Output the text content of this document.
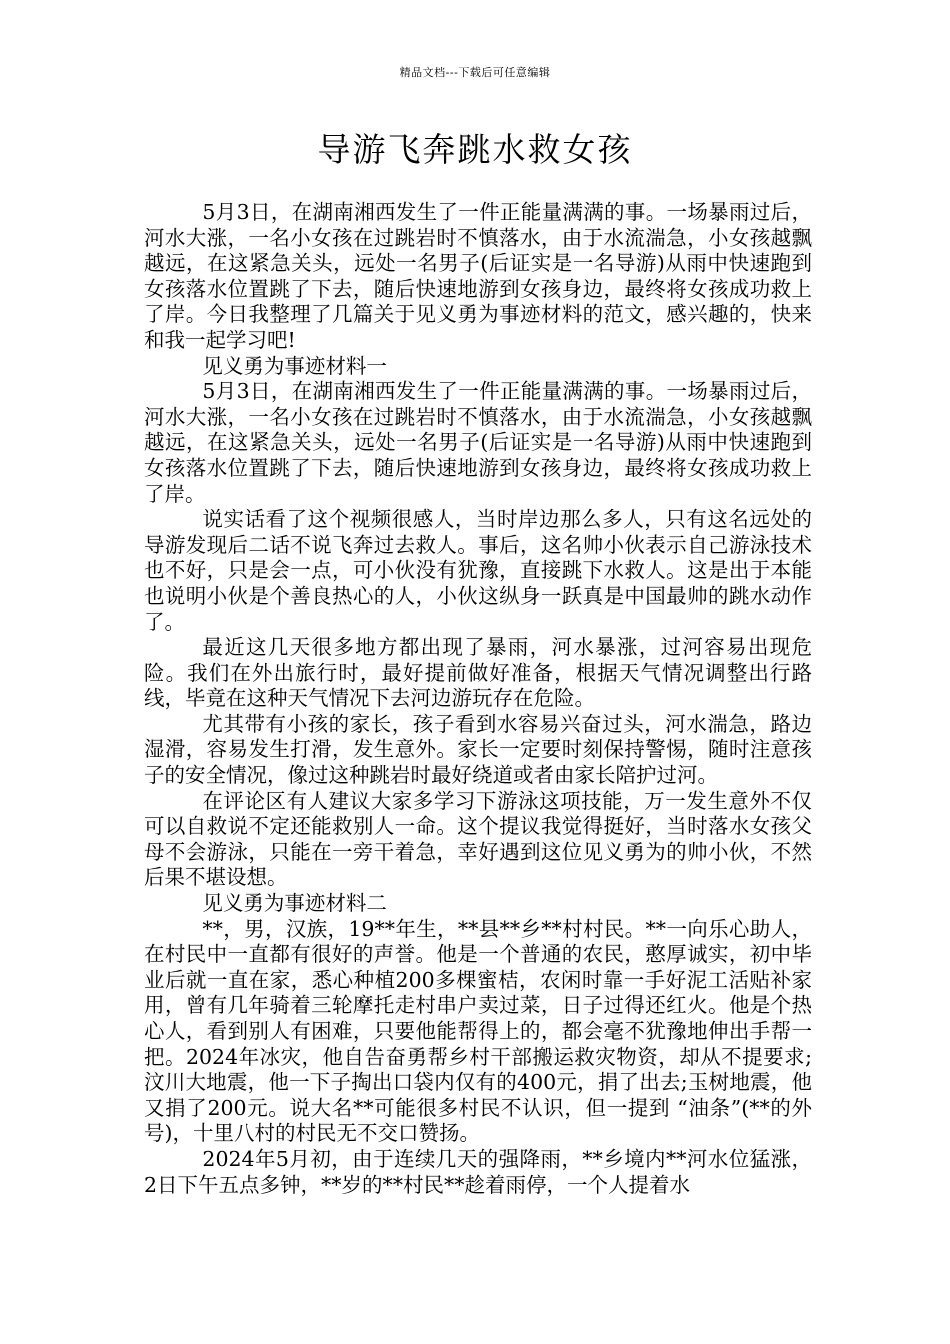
精品文档---下载后可任意编辑
导游飞奔跳水救女孩

5月3日，在湖南湘西发生了一件正能量满满的事。一场暴雨过后，河水大涨，一名小女孩在过跳岩时不慎落水，由于水流湍急，小女孩越飘越远，在这紧急关头，远处一名男子(后证实是一名导游)从雨中快速跑到女孩落水位置跳了下去，随后快速地游到女孩身边，最终将女孩成功救上了岸。今日我整理了几篇关于见义勇为事迹材料的范文，感兴趣的，快来和我一起学习吧!

见义勇为事迹材料一

5月3日，在湖南湘西发生了一件正能量满满的事。一场暴雨过后，河水大涨，一名小女孩在过跳岩时不慎落水，由于水流湍急，小女孩越飘越远，在这紧急关头，远处一名男子(后证实是一名导游)从雨中快速跑到女孩落水位置跳了下去，随后快速地游到女孩身边，最终将女孩成功救上了岸。

说实话看了这个视频很感人，当时岸边那么多人，只有这名远处的导游发现后二话不说飞奔过去救人。事后，这名帅小伙表示自己游泳技术也不好，只是会一点，可小伙没有犹豫，直接跳下水救人。这是出于本能也说明小伙是个善良热心的人，小伙这纵身一跃真是中国最帅的跳水动作了。

最近这几天很多地方都出现了暴雨，河水暴涨，过河容易出现危险。我们在外出旅行时，最好提前做好准备，根据天气情况调整出行路线，毕竟在这种天气情况下去河边游玩存在危险。

尤其带有小孩的家长，孩子看到水容易兴奋过头，河水湍急，路边湿滑，容易发生打滑，发生意外。家长一定要时刻保持警惕，随时注意孩子的安全情况，像过这种跳岩时最好绕道或者由家长陪护过河。

在评论区有人建议大家多学习下游泳这项技能，万一发生意外不仅可以自救说不定还能救别人一命。这个提议我觉得挺好，当时落水女孩父母不会游泳，只能在一旁干着急，幸好遇到这位见义勇为的帅小伙，不然后果不堪设想。

见义勇为事迹材料二

**，男，汉族，19**年生，**县**乡**村村民。**一向乐心助人，在村民中一直都有很好的声誉。他是一个普通的农民，憨厚诚实，初中毕业后就一直在家，悉心种植200多棵蜜桔，农闲时靠一手好泥工活贴补家用，曾有几年骑着三轮摩托走村串户卖过菜，日子过得还红火。他是个热心人，看到别人有困难，只要他能帮得上的，都会毫不犹豫地伸出手帮一把。2024年冰灾，他自告奋勇帮乡村干部搬运救灾物资，却从不提要求;汶川大地震，他一下子掏出口袋内仅有的400元，捐了出去;玉树地震，他又捐了200元。说大名**可能很多村民不认识，但一提到 “油条”(**的外号)，十里八村的村民无不交口赞扬。

2024年5月初，由于连续几天的强降雨，**乡境内**河水位猛涨，2日下午五点多钟，**岁的**村民**趁着雨停，一个人提着水
